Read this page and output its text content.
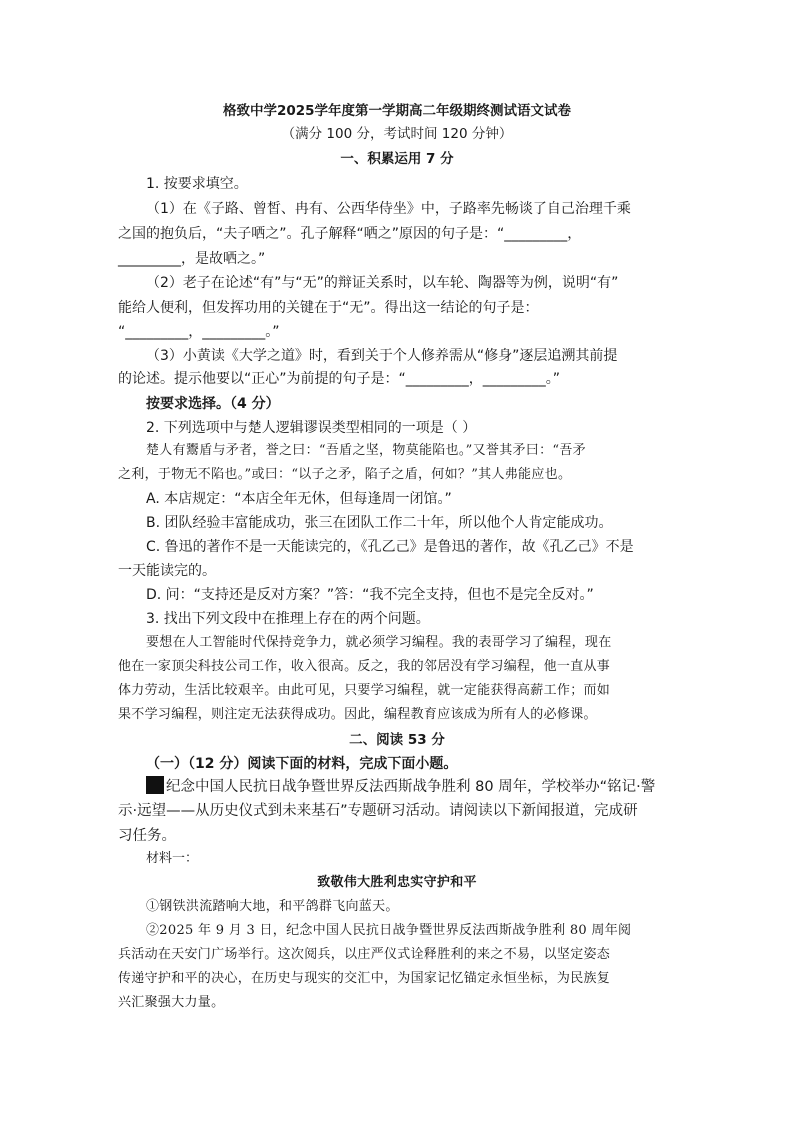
格致中学2025学年度第一学期高二年级期终测试语文试卷
（满分 100 分，考试时间 120 分钟）
一、积累运用 7 分
1. 按要求填空。
（1）在《子路、曾皙、冉有、公西华侍坐》中，子路率先畅谈了自己治理千乘
之国的抱负后，“夫子哂之”。孔子解释“哂之”原因的句子是：“_________，
_________，是故哂之。”
（2）老子在论述“有”与“无”的辩证关系时，以车轮、陶器等为例，说明“有”
能给人便利，但发挥功用的关键在于“无”。得出这一结论的句子是：
“_________，_________。”
（3）小黄读《大学之道》时，看到关于个人修养需从“修身”逐层追溯其前提
的论述。提示他要以“正心”为前提的句子是：“_________，_________。”
按要求选择。（4 分）
2. 下列选项中与楚人逻辑谬误类型相同的一项是（ ）
楚人有鬻盾与矛者，誉之曰：“吾盾之坚，物莫能陷也。”又誉其矛曰：“吾矛
之利，于物无不陷也。”或曰：“以子之矛，陷子之盾，何如？”其人弗能应也。
A. 本店规定：“本店全年无休，但每逢周一闭馆。”
B. 团队经验丰富能成功，张三在团队工作二十年，所以他个人肯定能成功。
C. 鲁迅的著作不是一天能读完的，《孔乙己》是鲁迅的著作，故《孔乙己》不是
一天能读完的。
D. 问：“支持还是反对方案？”答：“我不完全支持，但也不是完全反对。”
3. 找出下列文段中在推理上存在的两个问题。
要想在人工智能时代保持竞争力，就必须学习编程。我的表哥学习了编程，现在
他在一家顶尖科技公司工作，收入很高。反之，我的邻居没有学习编程，他一直从事
体力劳动，生活比较艰辛。由此可见，只要学习编程，就一定能获得高薪工作；而如
果不学习编程，则注定无法获得成功。因此，编程教育应该成为所有人的必修课。
二、阅读 53 分
（一）（12 分）阅读下面的材料，完成下面小题。
纪念中国人民抗日战争暨世界反法西斯战争胜利 80 周年，学校举办“铭记·警
示·远望——从历史仪式到未来基石”专题研习活动。请阅读以下新闻报道，完成研
习任务。
材料一：
致敬伟大胜利忠实守护和平
①钢铁洪流踏响大地，和平鸽群飞向蓝天。
②2025 年 9 月 3 日，纪念中国人民抗日战争暨世界反法西斯战争胜利 80 周年阅
兵活动在天安门广场举行。这次阅兵，以庄严仪式诠释胜利的来之不易，以坚定姿态
传递守护和平的决心，在历史与现实的交汇中，为国家记忆锚定永恒坐标，为民族复
兴汇聚强大力量。
